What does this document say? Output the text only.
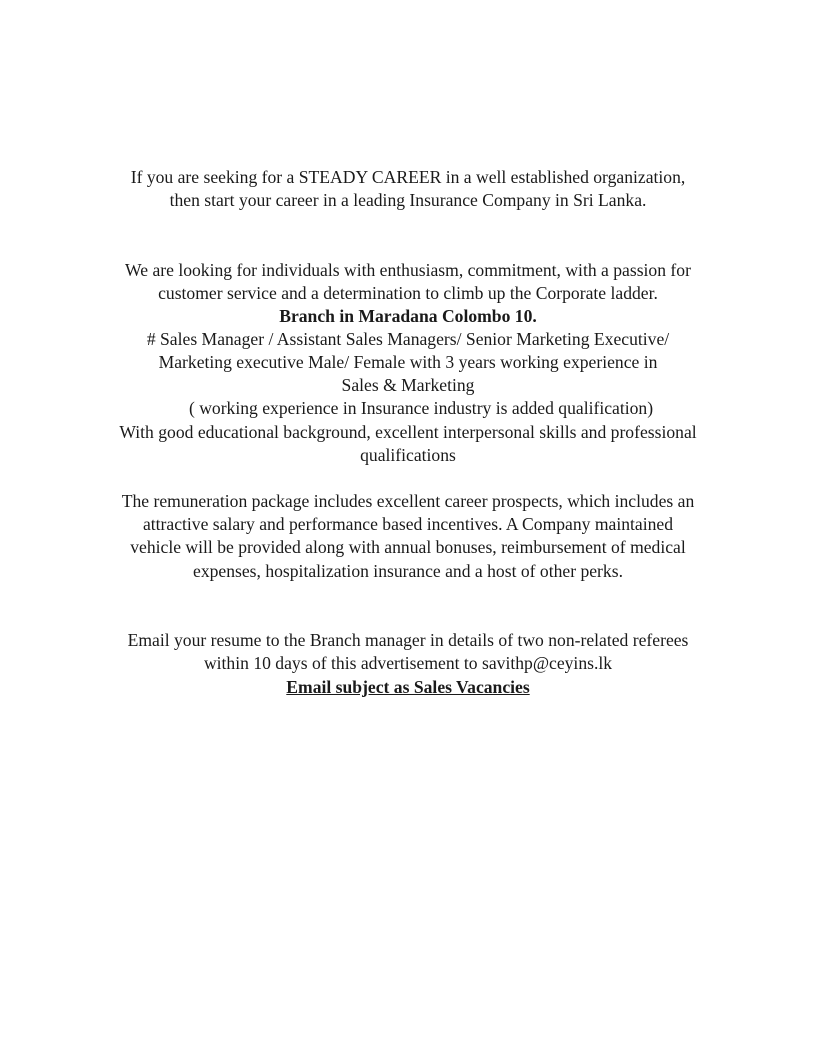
If you are seeking for a STEADY CAREER in a well established organization,
then start your career in a leading Insurance Company in Sri Lanka.
We are looking for individuals with enthusiasm, commitment, with a passion for
customer service and a determination to climb up the Corporate ladder.
Branch in Maradana Colombo 10.
# Sales Manager / Assistant Sales Managers/ Senior Marketing Executive/
Marketing executive Male/ Female with 3 years working experience in
Sales & Marketing
( working experience in Insurance industry is added qualification)
With good educational background, excellent interpersonal skills and professional
qualifications
The remuneration package includes excellent career prospects, which includes an
attractive salary and performance based incentives. A Company maintained
vehicle will be provided along with annual bonuses, reimbursement of medical
expenses, hospitalization insurance and a host of other perks.
Email your resume to the Branch manager in details of two non-related referees
within 10 days of this advertisement to savithp@ceyins.lk
Email subject as Sales Vacancies
